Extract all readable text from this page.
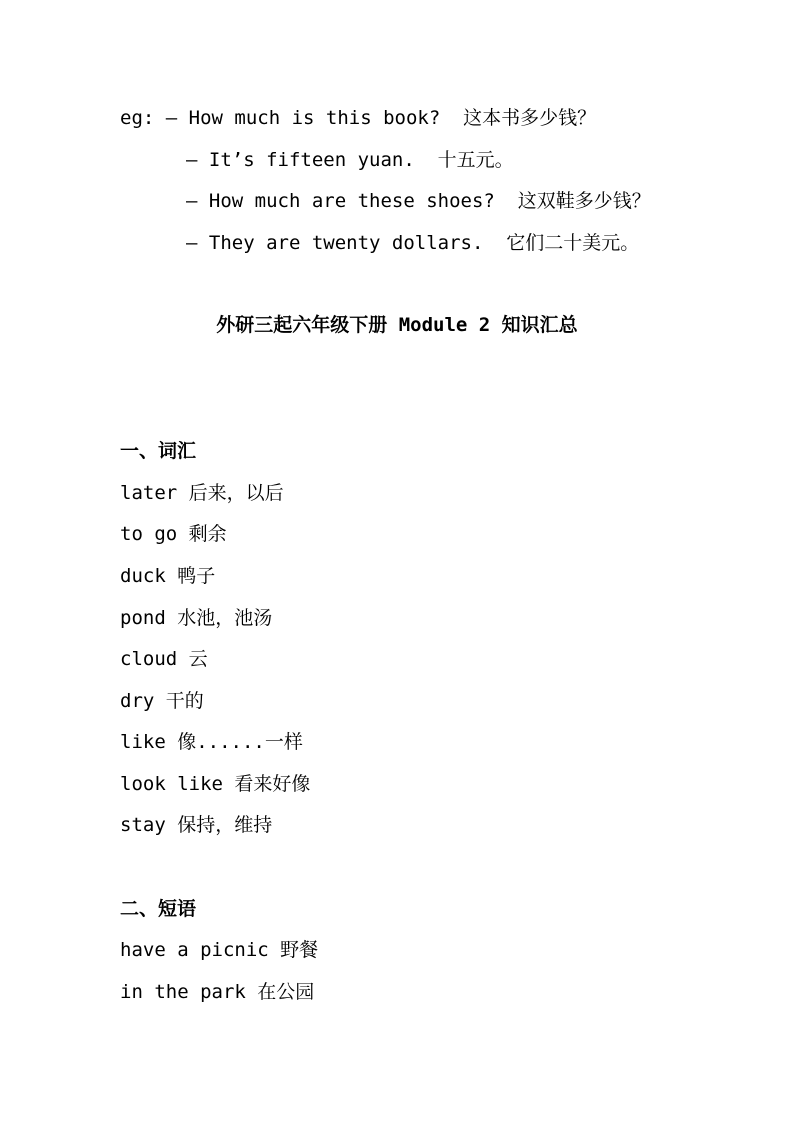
eg: — How much is this book?  这本书多少钱？
— It’s fifteen yuan.  十五元。
— How much are these shoes?  这双鞋多少钱？
— They are twenty dollars.  它们二十美元。
外研三起六年级下册 Module 2 知识汇总
一、词汇
later 后来，以后
to go 剩余
duck 鸭子
pond 水池，池汤
cloud 云
dry 干的
like 像......一样
look like 看来好像
stay 保持，维持
二、短语
have a picnic 野餐
in the park 在公园
